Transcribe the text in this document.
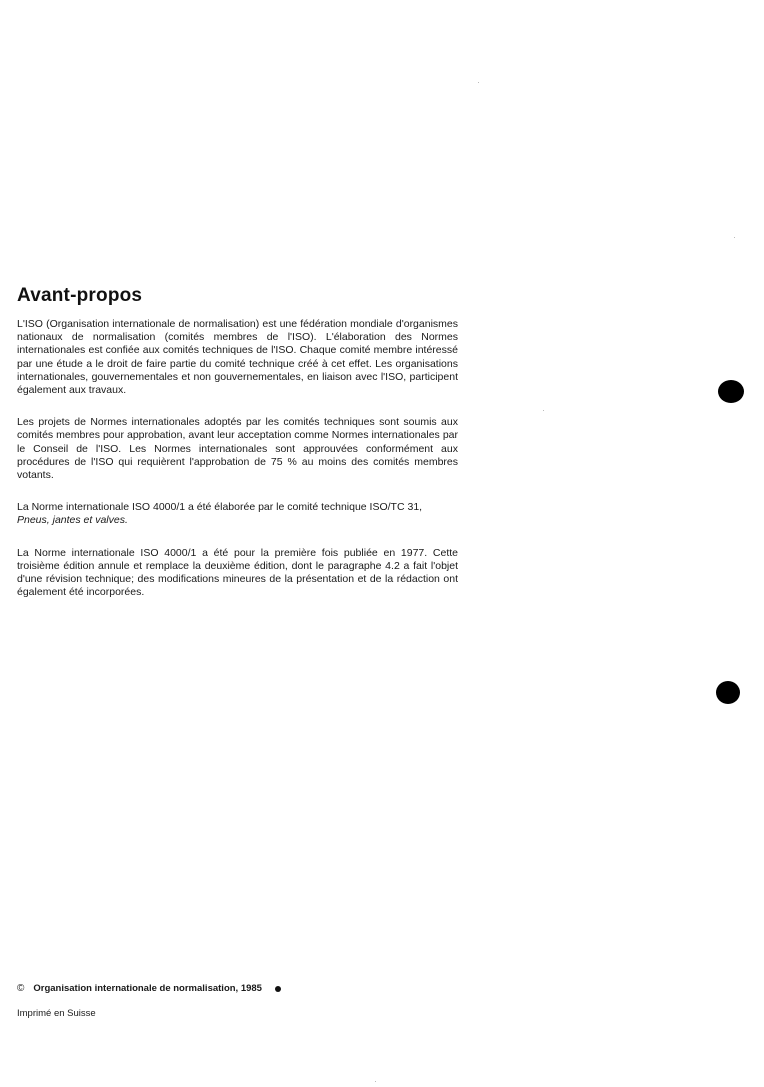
Avant-propos

L'ISO (Organisation internationale de normalisation) est une fédération mondiale d'organismes nationaux de normalisation (comités membres de l'ISO). L'élaboration des Normes internationales est confiée aux comités techniques de l'ISO. Chaque comité membre intéressé par une étude a le droit de faire partie du comité technique créé à cet effet. Les organisations internationales, gouvernementales et non gouvernementales, en liaison avec l'ISO, participent également aux travaux.

Les projets de Normes internationales adoptés par les comités techniques sont soumis aux comités membres pour approbation, avant leur acceptation comme Normes internationales par le Conseil de l'ISO. Les Normes internationales sont approuvées conformément aux procédures de l'ISO qui requièrent l'approbation de 75 % au moins des comités membres votants.

La Norme internationale ISO 4000/1 a été élaborée par le comité technique ISO/TC 31,
Pneus, jantes et valves.

La Norme internationale ISO 4000/1 a été pour la première fois publiée en 1977. Cette troisième édition annule et remplace la deuxième édition, dont le paragraphe 4.2 a fait l'objet d'une révision technique; des modifications mineures de la présentation et de la rédaction ont également été incorporées.

© Organisation internationale de normalisation, 1985
Imprimé en Suisse
